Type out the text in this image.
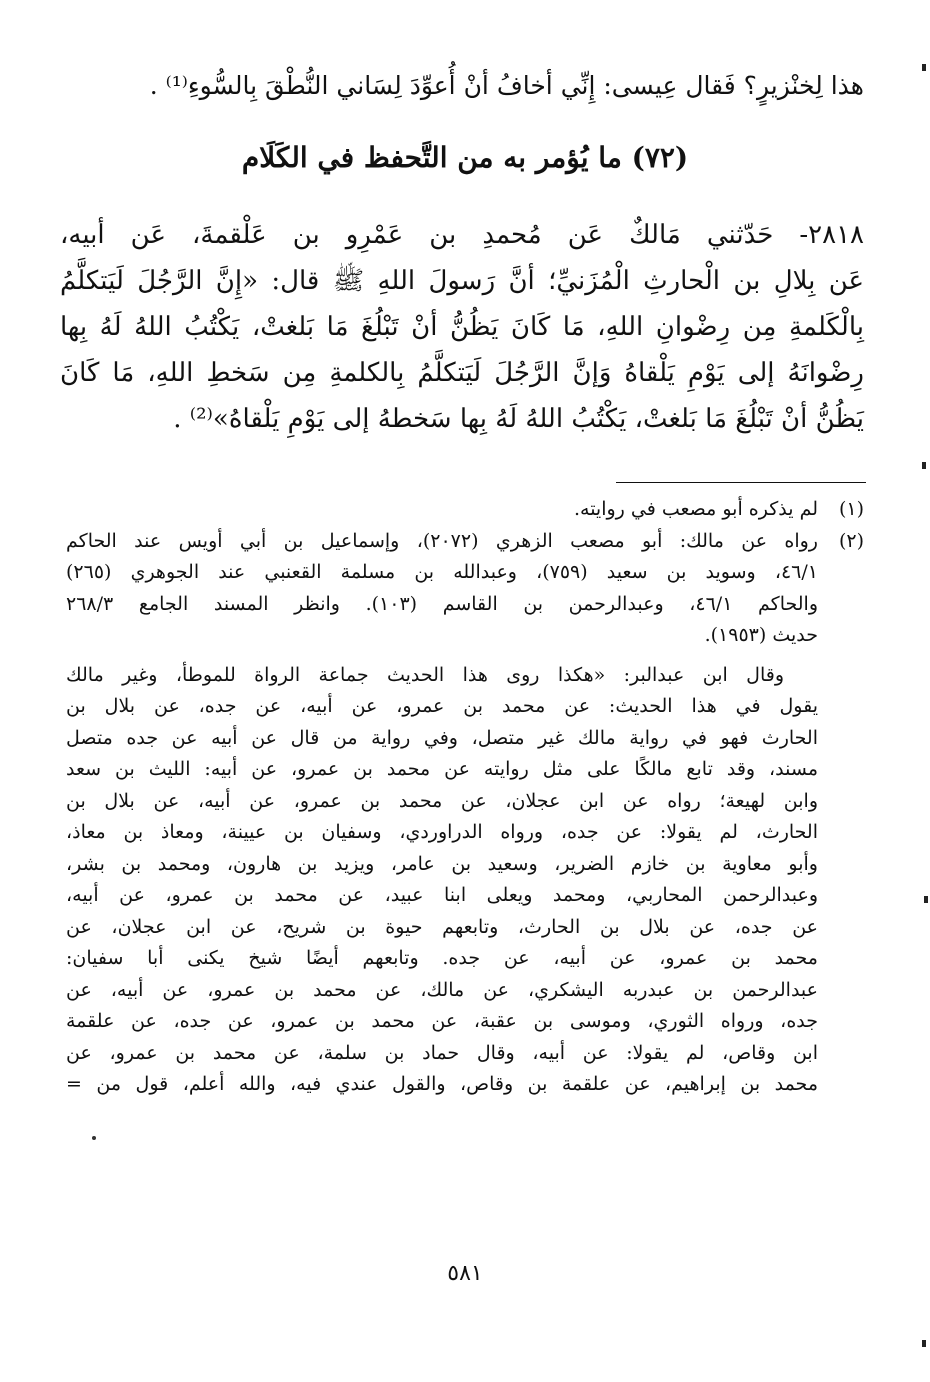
هذا لِخنْزيرٍ؟ فَقال عِيسى: إِنِّي أخافُ أنْ أُعوِّدَ لِسَاني النُّطْقَ بِالسُّوءِ⁽¹⁾ .
(٧٢) ما يُؤمر به من التَّحفظ في الكَلَام
٢٨١٨- حَدّثني مَالكٌ عَن مُحمدِ بن عَمْرِو بن عَلْقمةَ، عَن أبيه،
عَن بِلالِ بن الْحارثِ الْمُزَنيِّ؛ أنَّ رَسولَ اللهِ ﷺ قال: «إِنَّ الرَّجُلَ لَيَتكلَّمُ
بِالْكَلمةِ مِن رِضْوانِ اللهِ، مَا كَانَ يَظُنُّ أنْ تَبْلُغَ مَا بَلغتْ، يَكْتُبُ اللهُ لَهُ بِها
رِضْوانَهُ إلى يَوْمِ يَلْقاهُ وَإنَّ الرَّجُلَ لَيَتكلَّمُ بِالكلمةِ مِن سَخطِ اللهِ، مَا كَانَ
يَظُنُّ أنْ تَبْلُغَ مَا بَلغتْ، يَكْتُبُ اللهُ لَهُ بِها سَخطهُ إلى يَوْمِ يَلْقاهُ»⁽²⁾ .
(١)
لم يذكره أبو مصعب في روايته.
(٢)
رواه عن مالك: أبو مصعب الزهري (٢٠٧٢)، وإسماعيل بن أبي أويس عند الحاكم
٤٦/١، وسويد بن سعيد (٧٥٩)، وعبدالله بن مسلمة القعنبي عند الجوهري (٢٦٥)
والحاكم ٤٦/١، وعبدالرحمن بن القاسم (١٠٣). وانظر المسند الجامع ٢٦٨/٣
حديث (١٩٥٣).
وقال ابن عبدالبر: «هكذا روى هذا الحديث جماعة الرواة للموطأ، وغير مالك
يقول في هذا الحديث: عن محمد بن عمرو، عن أبيه، عن جده، عن بلال بن
الحارث فهو في رواية مالك غير متصل، وفي رواية من قال عن أبيه عن جده متصل
مسند، وقد تابع مالكًا على مثل روايته عن محمد بن عمرو، عن أبيه: الليث بن سعد
وابن لهيعة؛ رواه عن ابن عجلان، عن محمد بن عمرو، عن أبيه، عن بلال بن
الحارث، لم يقولا: عن جده، ورواه الدراوردي، وسفيان بن عيينة، ومعاذ بن معاذ،
وأبو معاوية بن خازم الضرير، وسعيد بن عامر، ويزيد بن هارون، ومحمد بن بشر،
وعبدالرحمن المحاربي، ومحمد ويعلى ابنا عبيد، عن محمد بن عمرو، عن أبيه،
عن جده، عن بلال بن الحارث، وتابعهم حيوة بن شريح، عن ابن عجلان، عن
محمد بن عمرو، عن أبيه، عن جده. وتابعهم أيضًا شيخ يكنى أبا سفيان:
عبدالرحمن بن عبدربه اليشكري، عن مالك، عن محمد بن عمرو، عن أبيه، عن
جده، ورواه الثوري، وموسى بن عقبة، عن محمد بن عمرو، عن جده، عن علقمة
ابن وقاص، لم يقولا: عن أبيه، وقال حماد بن سلمة، عن محمد بن عمرو، عن
محمد بن إبراهيم، عن علقمة بن وقاص، والقول عندي فيه، والله أعلم، قول من =
٥٨١
